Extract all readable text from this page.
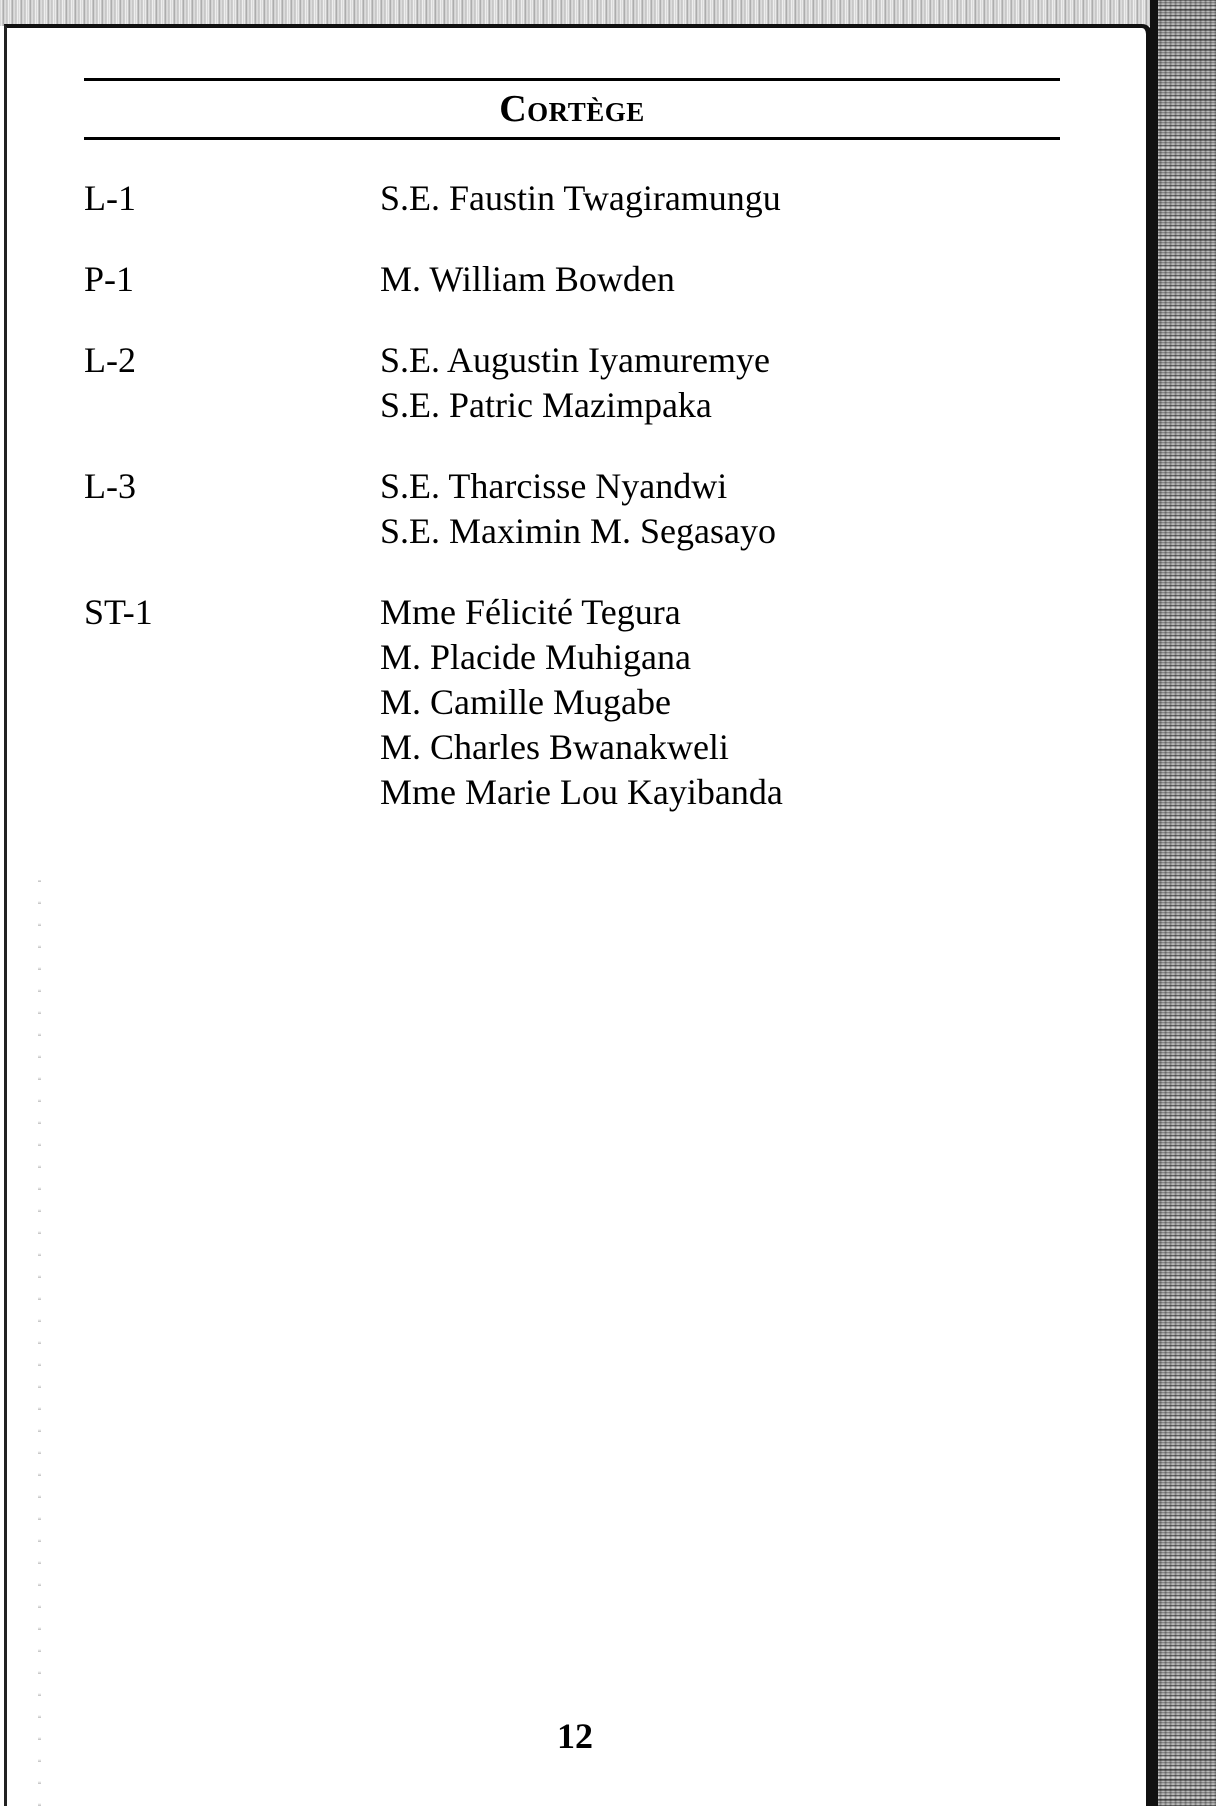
Cortège
L-1	S.E. Faustin Twagiramungu
P-1	M. William Bowden
L-2	S.E. Augustin Iyamuremye
S.E. Patric Mazimpaka
L-3	S.E. Tharcisse Nyandwi
S.E. Maximin M. Segasayo
ST-1	Mme Félicité Tegura
M. Placide Muhigana
M. Camille Mugabe
M. Charles Bwanakweli
Mme Marie Lou Kayibanda
12
